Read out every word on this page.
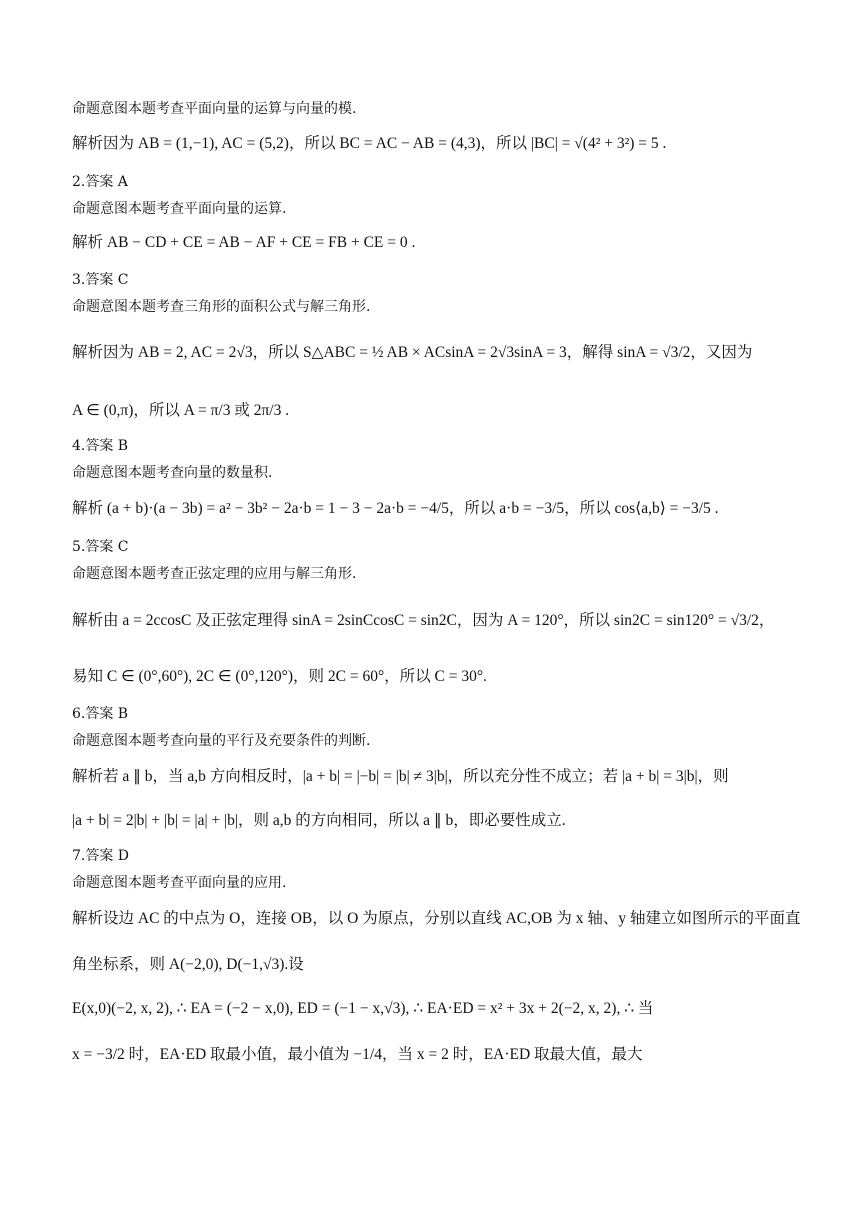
命题意图本题考查平面向量的运算与向量的模.
解析因为 AB = (1,−1), AC = (5,2)，所以 BC = AC − AB = (4,3)，所以 |BC| = √(4² + 3²) = 5 .
2.答案 A
命题意图本题考查平面向量的运算.
解析 AB − CD + CE = AB − AF + CE = FB + CE = 0 .
3.答案 C
命题意图本题考查三角形的面积公式与解三角形.
解析因为 AB = 2, AC = 2√3，所以 S△ABC = ½ AB × ACsinA = 2√3sinA = 3，解得 sinA = √3/2，又因为
A ∈ (0,π)，所以 A = π/3 或 2π/3 .
4.答案 B
命题意图本题考查向量的数量积.
解析 (a + b)·(a − 3b) = a² − 3b² − 2a·b = 1 − 3 − 2a·b = −4/5，所以 a·b = −3/5，所以 cos⟨a,b⟩ = −3/5 .
5.答案 C
命题意图本题考查正弦定理的应用与解三角形.
解析由 a = 2ccosC 及正弦定理得 sinA = 2sinCcosC = sin2C，因为 A = 120°，所以 sin2C = sin120° = √3/2，
易知 C ∈ (0°,60°), 2C ∈ (0°,120°)，则 2C = 60°，所以 C = 30°.
6.答案 B
命题意图本题考查向量的平行及充要条件的判断.
解析若 a ∥ b，当 a,b 方向相反时，|a + b| = |−b| = |b| ≠ 3|b|，所以充分性不成立；若 |a + b| = 3|b|，则
|a + b| = 2|b| + |b| = |a| + |b|，则 a,b 的方向相同，所以 a ∥ b，即必要性成立.
7.答案 D
命题意图本题考查平面向量的应用.
解析设边 AC 的中点为 O，连接 OB，以 O 为原点，分别以直线 AC,OB 为 x 轴、y 轴建立如图所示的平面直
角坐标系，则 A(−2,0), D(−1,√3).设
E(x,0)(−2, x, 2), ∴ EA = (−2 − x,0), ED = (−1 − x,√3), ∴ EA·ED = x² + 3x + 2(−2, x, 2), ∴ 当
x = −3/2 时，EA·ED 取最小值，最小值为 −1/4，当 x = 2 时，EA·ED 取最大值，最大
